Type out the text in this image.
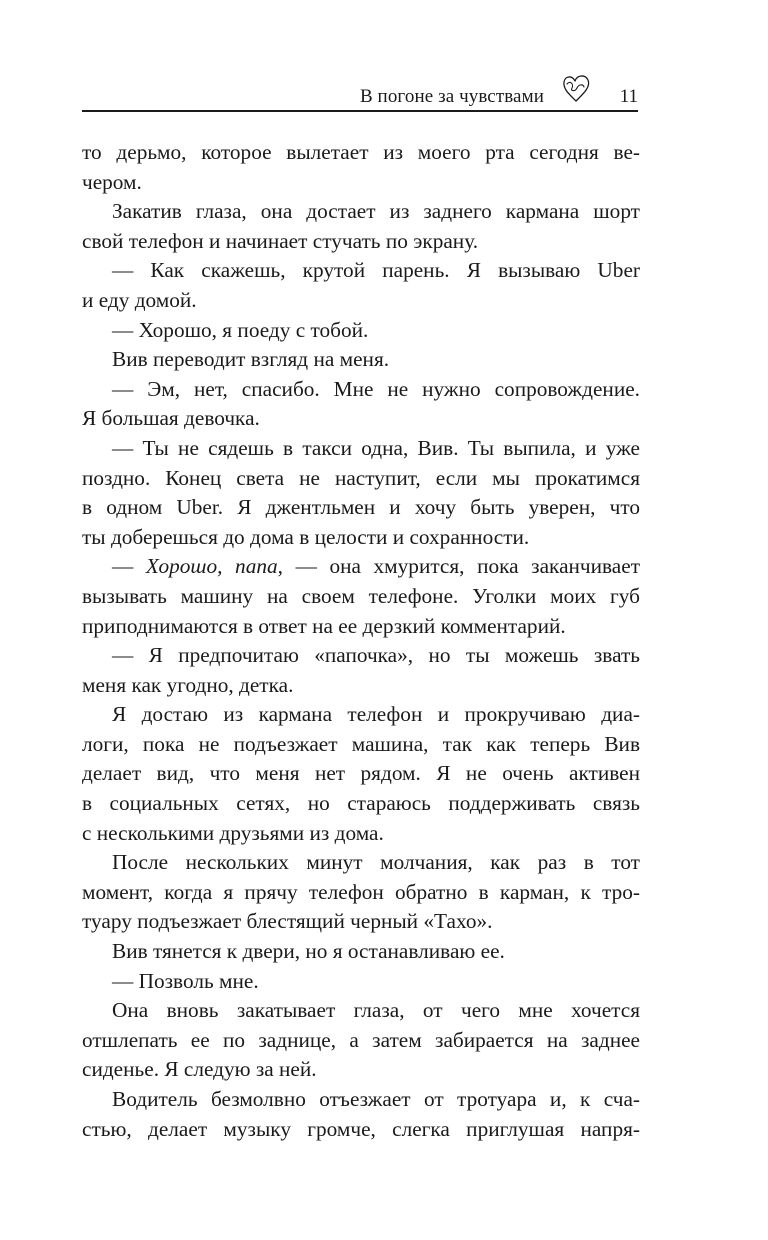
В погоне за чувствами	11
то дерьмо, которое вылетает из моего рта сегодня ве-
чером.
Закатив глаза, она достает из заднего кармана шорт
свой телефон и начинает стучать по экрану.
— Как скажешь, крутой парень. Я вызываю Uber
и еду домой.
— Хорошо, я поеду с тобой.
Вив переводит взгляд на меня.
— Эм, нет, спасибо. Мне не нужно сопровождение.
Я большая девочка.
— Ты не сядешь в такси одна, Вив. Ты выпила, и уже
поздно. Конец света не наступит, если мы прокатимся
в одном Uber. Я джентльмен и хочу быть уверен, что
ты доберешься до дома в целости и сохранности.
— Хорошо, папа, — она хмурится, пока заканчивает
вызывать машину на своем телефоне. Уголки моих губ
приподнимаются в ответ на ее дерзкий комментарий.
— Я предпочитаю «папочка», но ты можешь звать
меня как угодно, детка.
Я достаю из кармана телефон и прокручиваю диа-
логи, пока не подъезжает машина, так как теперь Вив
делает вид, что меня нет рядом. Я не очень активен
в социальных сетях, но стараюсь поддерживать связь
с несколькими друзьями из дома.
После нескольких минут молчания, как раз в тот
момент, когда я прячу телефон обратно в карман, к тро-
туару подъезжает блестящий черный «Тахо».
Вив тянется к двери, но я останавливаю ее.
— Позволь мне.
Она вновь закатывает глаза, от чего мне хочется
отшлепать ее по заднице, а затем забирается на заднее
сиденье. Я следую за ней.
Водитель безмолвно отъезжает от тротуара и, к сча-
стью, делает музыку громче, слегка приглушая напря-
